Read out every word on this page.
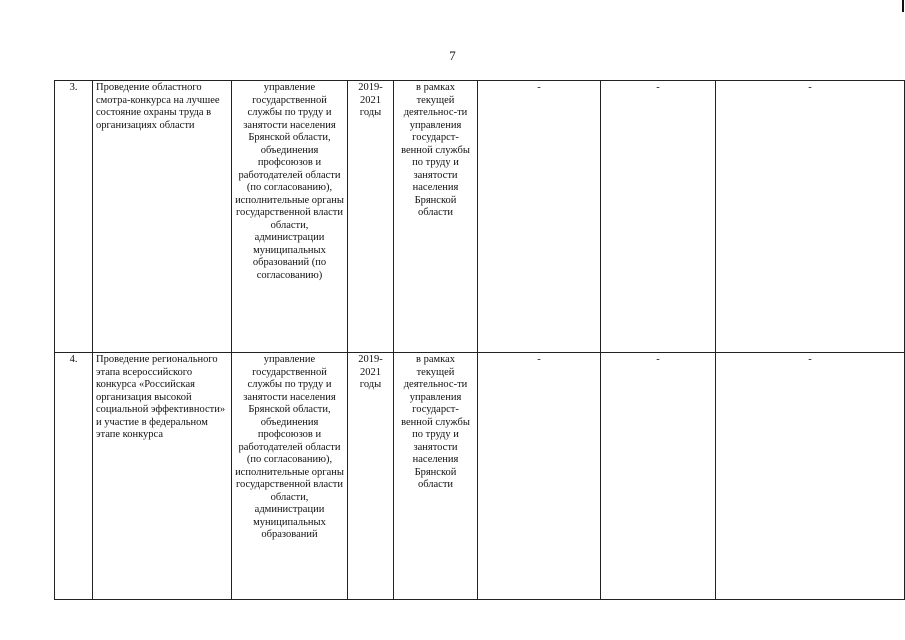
7
3.	Проведение областного смотра-конкурса на лучшее состояние охраны труда в организациях области	управление государственной службы по труду и занятости населения Брянской области, объединения профсоюзов и работодателей области (по согласованию), исполнительные органы государственной власти области, администрации муниципальных образований (по согласованию)	2019-2021 годы	в рамках текущей деятельнос-ти управления государст-венной службы по труду и занятости населения Брянской области	-	-	-
4.	Проведение регионального этапа всероссийского конкурса «Российская организация высокой социальной эффективности» и участие в федеральном этапе конкурса	управление государственной службы по труду и занятости населения Брянской области, объединения профсоюзов и работодателей области (по согласованию), исполнительные органы государственной власти области, администрации муниципальных образований	2019-2021 годы	в рамках текущей деятельнос-ти управления государст-венной службы по труду и занятости населения Брянской области	-	-	-
